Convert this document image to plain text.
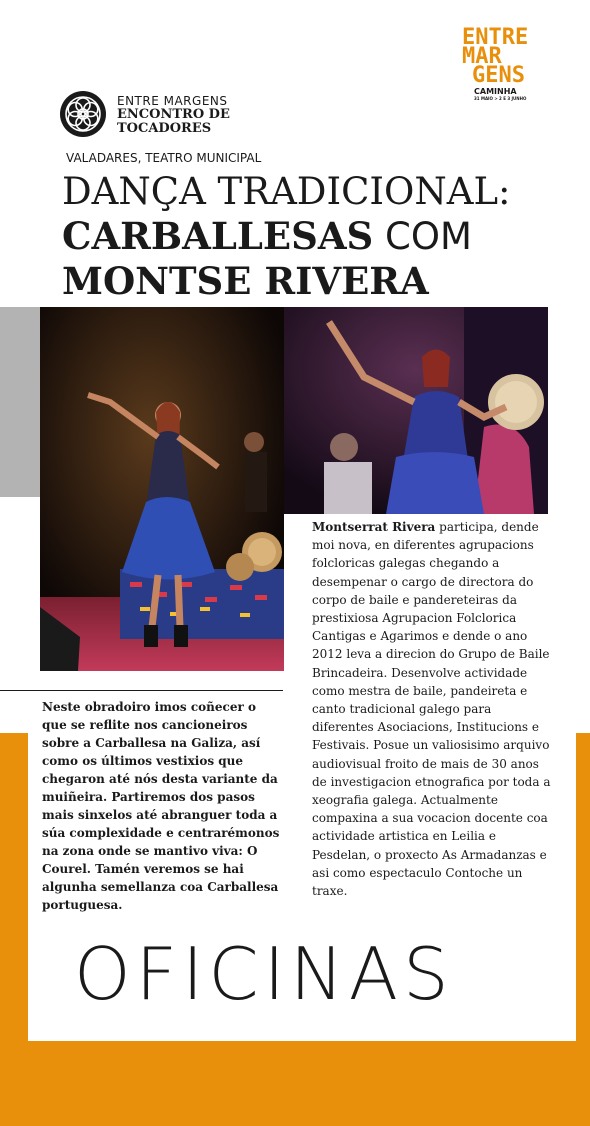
ENTRE
MAR
GENS
CAMINHA
31 MAIO > 2 E 3 JUNHO
ENTRE MARGENS
ENCONTRO DE
TOCADORES
VALADARES, TEATRO MUNICIPAL
DANÇA TRADICIONAL:
CARBALLESAS COM
MONTSE RIVERA
Neste obradoiro imos coñecer o que se reflite nos cancioneiros sobre a Carballesa na Galiza, así como os últimos vestixios que chegaron até nós desta variante da muiñeira. Partiremos dos pasos mais sinxelos até abranguer toda a súa complexidade e centrarémonos na zona onde se mantivo viva: O Courel. Tamén veremos se hai algunha semellanza coa Carballesa portuguesa.
Montserrat Rivera participa, dende moi nova, en diferentes agrupacions folcloricas galegas chegando a desempenar o cargo de directora do corpo de baile e pandereteiras da prestixiosa Agrupacion Folclorica Cantigas e Agarimos e dende o ano 2012 leva a direcion do Grupo de Baile Brincadeira. Desenvolve actividade como mestra de baile, pandeireta e canto tradicional galego para diferentes Asociacions, Institucions e Festivais. Posue un valiosisimo arquivo audiovisual froito de mais de 30 anos de investigacion etnografica por toda a xeografia galega. Actualmente compaxina a sua vocacion docente coa actividade artistica en Leilia e Pesdelan, o proxecto As Armadanzas e asi como espectaculo Contoche un traxe.
OFICINAS
